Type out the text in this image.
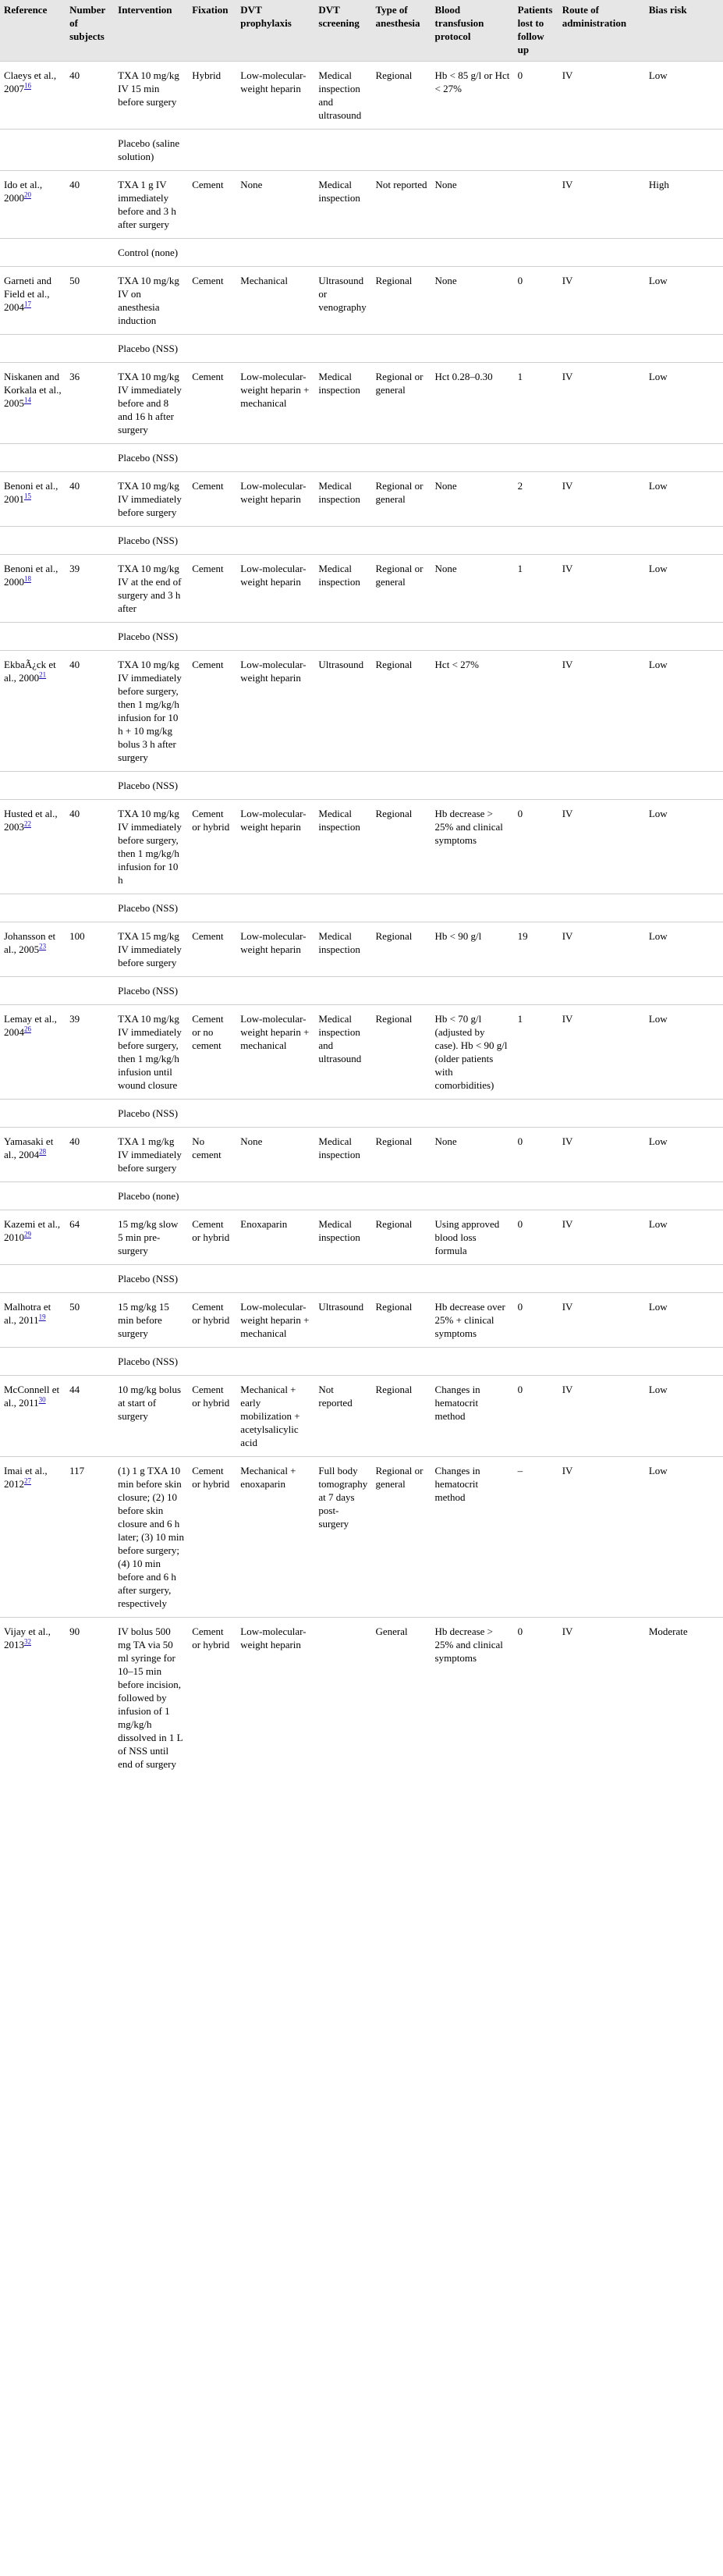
Reference	Number of subjects	Intervention	Fixation	DVT prophylaxis	DVT screening	Type of anesthesia	Blood transfusion protocol	Patients lost to follow up	Route of administration	Bias risk
Claeys et al., 2007$^{16}$	40	TXA 10 mg/kg IV 15 min before surgery	Hybrid	Low-molecular-weight heparin	Medical inspection and ultrasound	Regional	Hb < 85 g/l or Hct < 27%	0	IV	Low
		Placebo (saline solution)								
Ido et al., 2000$^{20}$	40	TXA 1 g IV immediately before and 3 h after surgery	Cement	None	Medical inspection	Not reported	None		IV	High
		Control (none)								
Garneti and Field et al., 2004$^{17}$	50	TXA 10 mg/kg IV on anesthesia induction	Cement	Mechanical	Ultrasound or venography	Regional	None	0	IV	Low
		Placebo (NSS)								
Niskanen and Korkala et al., 2005$^{14}$	36	TXA 10 mg/kg IV immediately before and 8 and 16 h after surgery	Cement	Low-molecular-weight heparin + mechanical	Medical inspection	Regional or general	Hct 0.28–0.30	1	IV	Low
		Placebo (NSS)								
Benoni et al., 2001$^{15}$	40	TXA 10 mg/kg IV immediately before surgery	Cement	Low-molecular-weight heparin	Medical inspection	Regional or general	None	2	IV	Low
		Placebo (NSS)								
Benoni et al., 2000$^{18}$	39	TXA 10 mg/kg IV at the end of surgery and 3 h after	Cement	Low-molecular-weight heparin	Medical inspection	Regional or general	None	1	IV	Low
		Placebo (NSS)								
EkbaÃ¿ck et al., 2000$^{21}$	40	TXA 10 mg/kg IV immediately before surgery, then 1 mg/kg/h infusion for 10 h + 10 mg/kg bolus 3 h after surgery	Cement	Low-molecular-weight heparin	Ultrasound	Regional	Hct < 27%		IV	Low
		Placebo (NSS)								
Husted et al., 2003$^{22}$	40	TXA 10 mg/kg IV immediately before surgery, then 1 mg/kg/h infusion for 10 h	Cement or hybrid	Low-molecular-weight heparin	Medical inspection	Regional	Hb decrease > 25% and clinical symptoms	0	IV	Low
		Placebo (NSS)								
Johansson et al., 2005$^{23}$	100	TXA 15 mg/kg IV immediately before surgery	Cement	Low-molecular-weight heparin	Medical inspection	Regional	Hb < 90 g/l	19	IV	Low
		Placebo (NSS)								
Lemay et al., 2004$^{26}$	39	TXA 10 mg/kg IV immediately before surgery, then 1 mg/kg/h infusion until wound closure	Cement or no cement	Low-molecular-weight heparin + mechanical	Medical inspection and ultrasound	Regional	Hb < 70 g/l (adjusted by case). Hb < 90 g/l (older patients with comorbidities)	1	IV	Low
		Placebo (NSS)								
Yamasaki et al., 2004$^{28}$	40	TXA 1 mg/kg IV immediately before surgery	No cement	None	Medical inspection	Regional	None	0	IV	Low
		Placebo (none)								
Kazemi et al., 2010$^{29}$	64	15 mg/kg slow 5 min pre-surgery	Cement or hybrid	Enoxaparin	Medical inspection	Regional	Using approved blood loss formula	0	IV	Low
		Placebo (NSS)								
Malhotra et al., 2011$^{19}$	50	15 mg/kg 15 min before surgery	Cement or hybrid	Low-molecular-weight heparin + mechanical	Ultrasound	Regional	Hb decrease over 25% + clinical symptoms	0	IV	Low
		Placebo (NSS)								
McConnell et al., 2011$^{30}$	44	10 mg/kg bolus at start of surgery	Cement or hybrid	Mechanical + early mobilization + acetylsalicylic acid	Not reported	Regional	Changes in hematocrit method	0	IV	Low
Imai et al., 2012$^{27}$	117	(1) 1 g TXA 10 min before skin closure; (2) 10 before skin closure and 6 h later; (3) 10 min before surgery; (4) 10 min before and 6 h after surgery, respectively	Cement or hybrid	Mechanical + enoxaparin	Full body tomography at 7 days post-surgery	Regional or general	Changes in hematocrit method	–	IV	Low
Vijay et al., 2013$^{32}$	90	IV bolus 500 mg TA via 50 ml syringe for 10–15 min before incision, followed by infusion of 1 mg/kg/h dissolved in 1 L of NSS until end of surgery	Cement or hybrid	Low-molecular-weight heparin		General	Hb decrease > 25% and clinical symptoms	0	IV	Moderate
